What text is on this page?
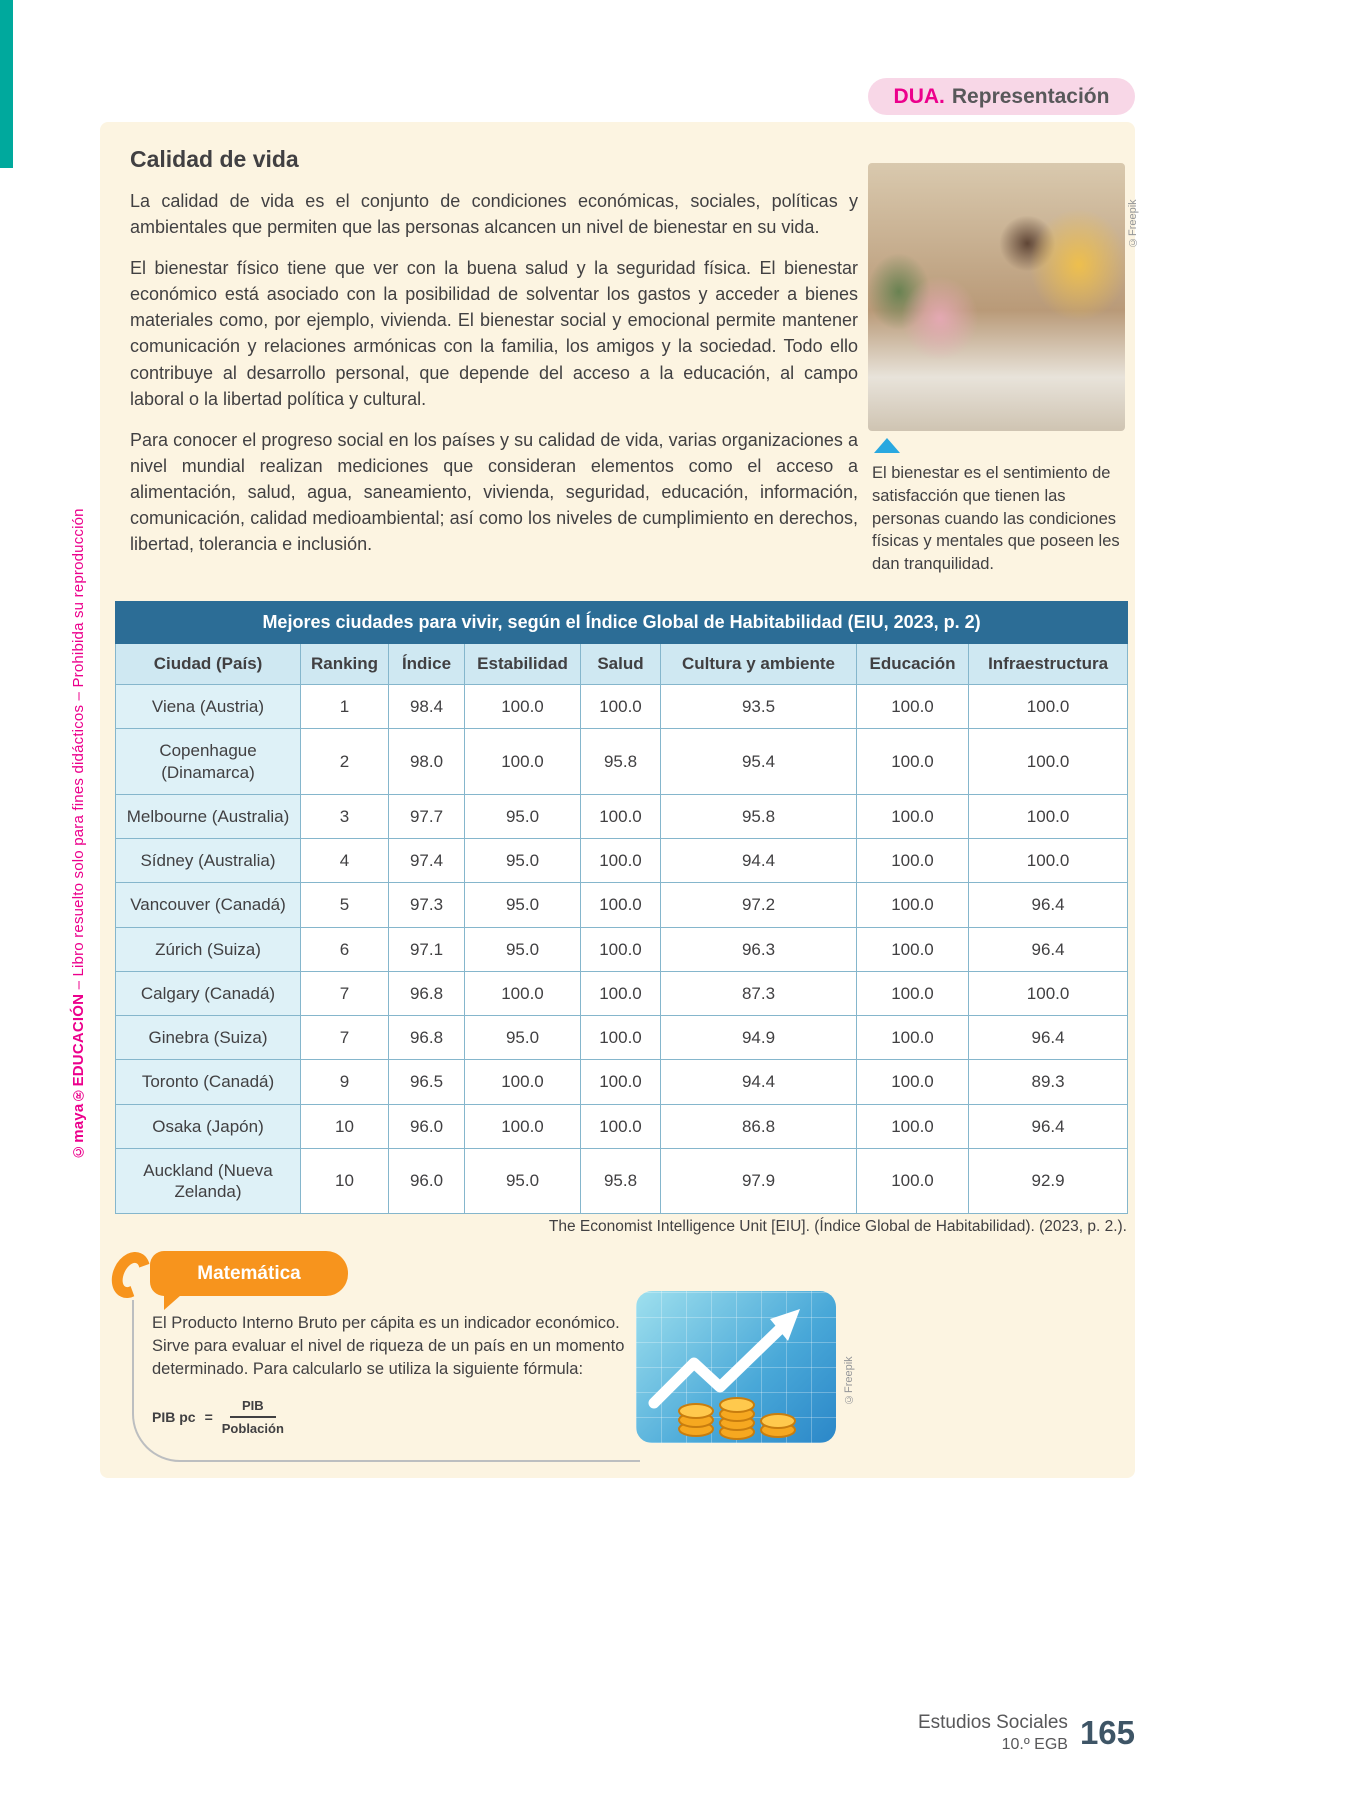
DUA. Representación
Calidad de vida

La calidad de vida es el conjunto de condiciones económicas, sociales, políticas y ambientales que permiten que las personas alcancen un nivel de bienestar en su vida.

El bienestar físico tiene que ver con la buena salud y la seguridad física. El bienestar económico está asociado con la posibilidad de solventar los gastos y acceder a bienes materiales como, por ejemplo, vivienda. El bienestar social y emocional permite mantener comunicación y relaciones armónicas con la familia, los amigos y la sociedad. Todo ello contribuye al desarrollo personal, que depende del acceso a la educación, al campo laboral o la libertad política y cultural.

Para conocer el progreso social en los países y su calidad de vida, varias organizaciones a nivel mundial realizan mediciones que consideran elementos como el acceso a alimentación, salud, agua, saneamiento, vivienda, seguridad, educación, información, comunicación, calidad medioambiental; así como los niveles de cumplimiento en derechos, libertad, tolerancia e inclusión.

©Freepik
El bienestar es el sentimiento de satisfacción que tienen las personas cuando las condiciones físicas y mentales que poseen les dan tranquilidad.
Mejores ciudades para vivir, según el Índice Global de Habitabilidad (EIU, 2023, p. 2)							
Ciudad (País)	Ranking	Índice	Estabilidad	Salud	Cultura y ambiente	Educación	Infraestructura
Viena (Austria)	1	98.4	100.0	100.0	93.5	100.0	100.0
Copenhague (Dinamarca)	2	98.0	100.0	95.8	95.4	100.0	100.0
Melbourne (Australia)	3	97.7	95.0	100.0	95.8	100.0	100.0
Sídney (Australia)	4	97.4	95.0	100.0	94.4	100.0	100.0
Vancouver (Canadá)	5	97.3	95.0	100.0	97.2	100.0	96.4
Zúrich (Suiza)	6	97.1	95.0	100.0	96.3	100.0	96.4
Calgary (Canadá)	7	96.8	100.0	100.0	87.3	100.0	100.0
Ginebra (Suiza)	7	96.8	95.0	100.0	94.9	100.0	96.4
Toronto (Canadá)	9	96.5	100.0	100.0	94.4	100.0	89.3
Osaka (Japón)	10	96.0	100.0	100.0	86.8	100.0	96.4
Auckland (Nueva Zelanda)	10	96.0	95.0	95.8	97.9	100.0	92.9
The Economist Intelligence Unit [EIU]. (Índice Global de Habitabilidad). (2023, p. 2.).
Matemática
El Producto Interno Bruto per cápita es un indicador económico. Sirve para evaluar el nivel de riqueza de un país en un momento determinado. Para calcularlo se utiliza la siguiente fórmula:
PIB pc = $\frac{\text{PIB}}{\text{Población}}$
©Freepik
©maya®EDUCACIÓN – Libro resuelto solo para fines didácticos – Prohibida su reproducción
Estudios Sociales
10.º EGB 165
